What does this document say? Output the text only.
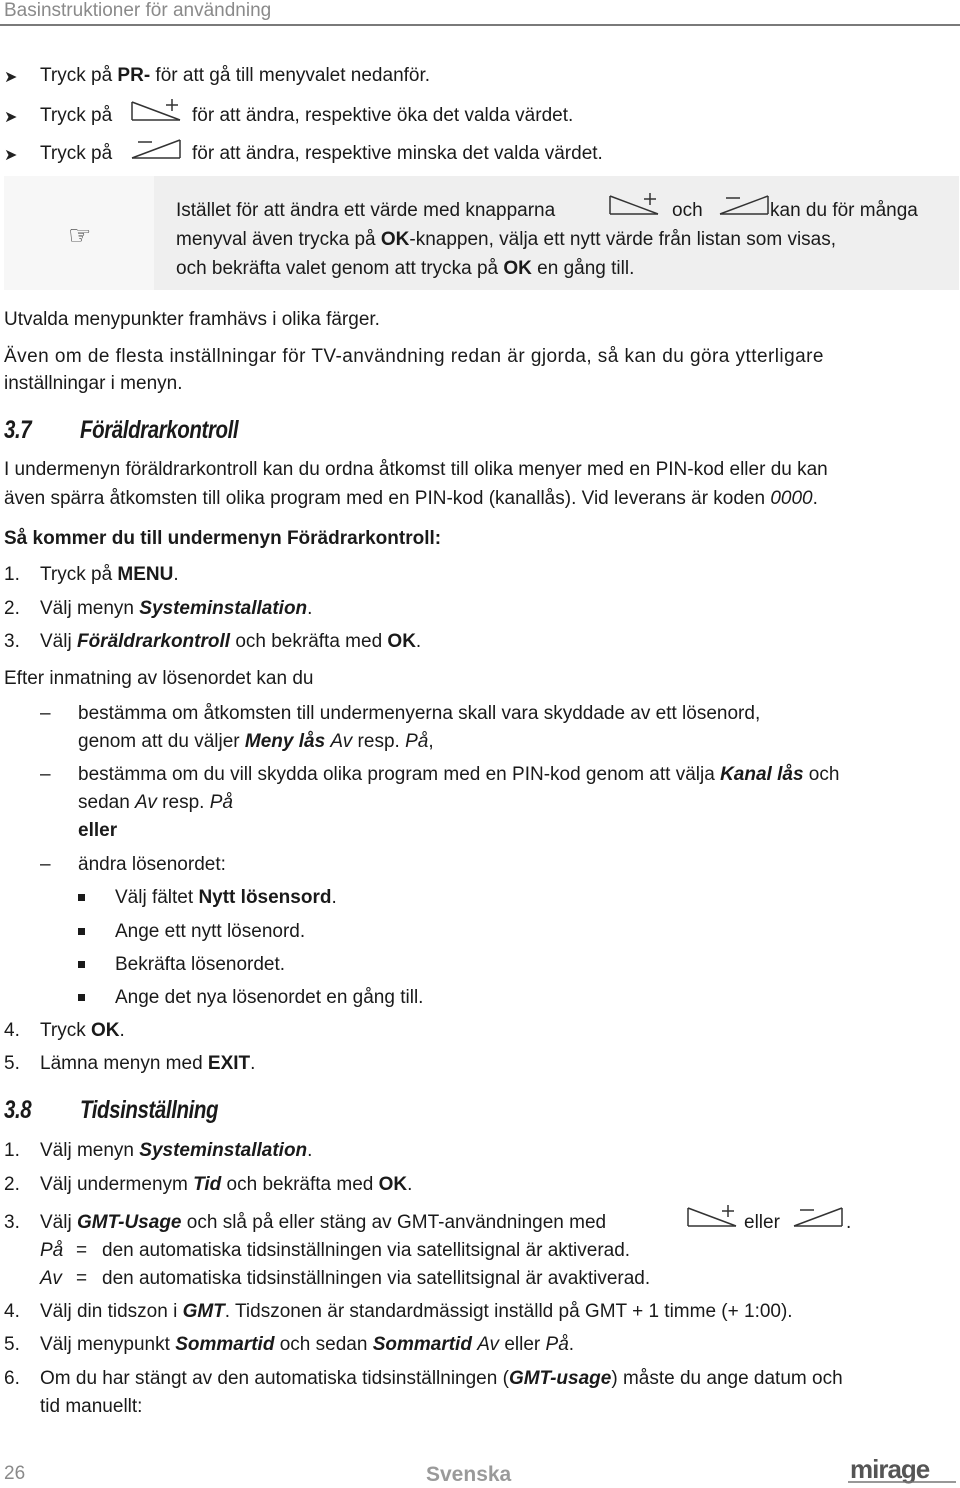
Basinstruktioner för användning
➤ Tryck på PR- för att gå till menyvalet nedanför.
➤ Tryck på	för att ändra, respektive öka det valda värdet.
➤ Tryck på	för att ändra, respektive minska det valda värdet.
☞
Istället för att ändra ett värde med knapparna	och	kan du för många
menyval även trycka på OK-knappen, välja ett nytt värde från listan som visas,
och bekräfta valet genom att trycka på OK en gång till.
Utvalda menypunkter framhävs i olika färger.
Även om de flesta inställningar för TV-användning redan är gjorda, så kan du göra ytterligare
inställningar i menyn.
3.7 Föräldrarkontroll
I undermenyn föräldrarkontroll kan du ordna åtkomst till olika menyer med en PIN-kod eller du kan
även spärra åtkomsten till olika program med en PIN-kod (kanallås). Vid leverans är koden 0000.
Så kommer du till undermenyn Förädrarkontroll:
1. Tryck på MENU.
2. Välj menyn Systeminstallation.
3. Välj Föräldrarkontroll och bekräfta med OK.
Efter inmatning av lösenordet kan du
– bestämma om åtkomsten till undermenyerna skall vara skyddade av ett lösenord,
genom att du väljer Meny lås Av resp. På,
– bestämma om du vill skydda olika program med en PIN-kod genom att välja Kanal lås och
sedan Av resp. På
eller
– ändra lösenordet:
Välj fältet Nytt lösensord.
Ange ett nytt lösenord.
Bekräfta lösenordet.
Ange det nya lösenordet en gång till.
4. Tryck OK.
5. Lämna menyn med EXIT.
3.8 Tidsinställning
1. Välj menyn Systeminstallation.
2. Välj undermenym Tid och bekräfta med OK.
3. Välj GMT-Usage och slå på eller stäng av GMT-användningen med	eller	.
På = den automatiska tidsinställningen via satellitsignal är aktiverad.
Av = den automatiska tidsinställningen via satellitsignal är avaktiverad.
4. Välj din tidszon i GMT. Tidszonen är standardmässigt inställd på GMT + 1 timme (+ 1:00).
5. Välj menypunkt Sommartid och sedan Sommartid Av eller På.
6. Om du har stängt av den automatiska tidsinställningen (GMT-usage) måste du ange datum och
tid manuellt:
26	Svenska	mirage
